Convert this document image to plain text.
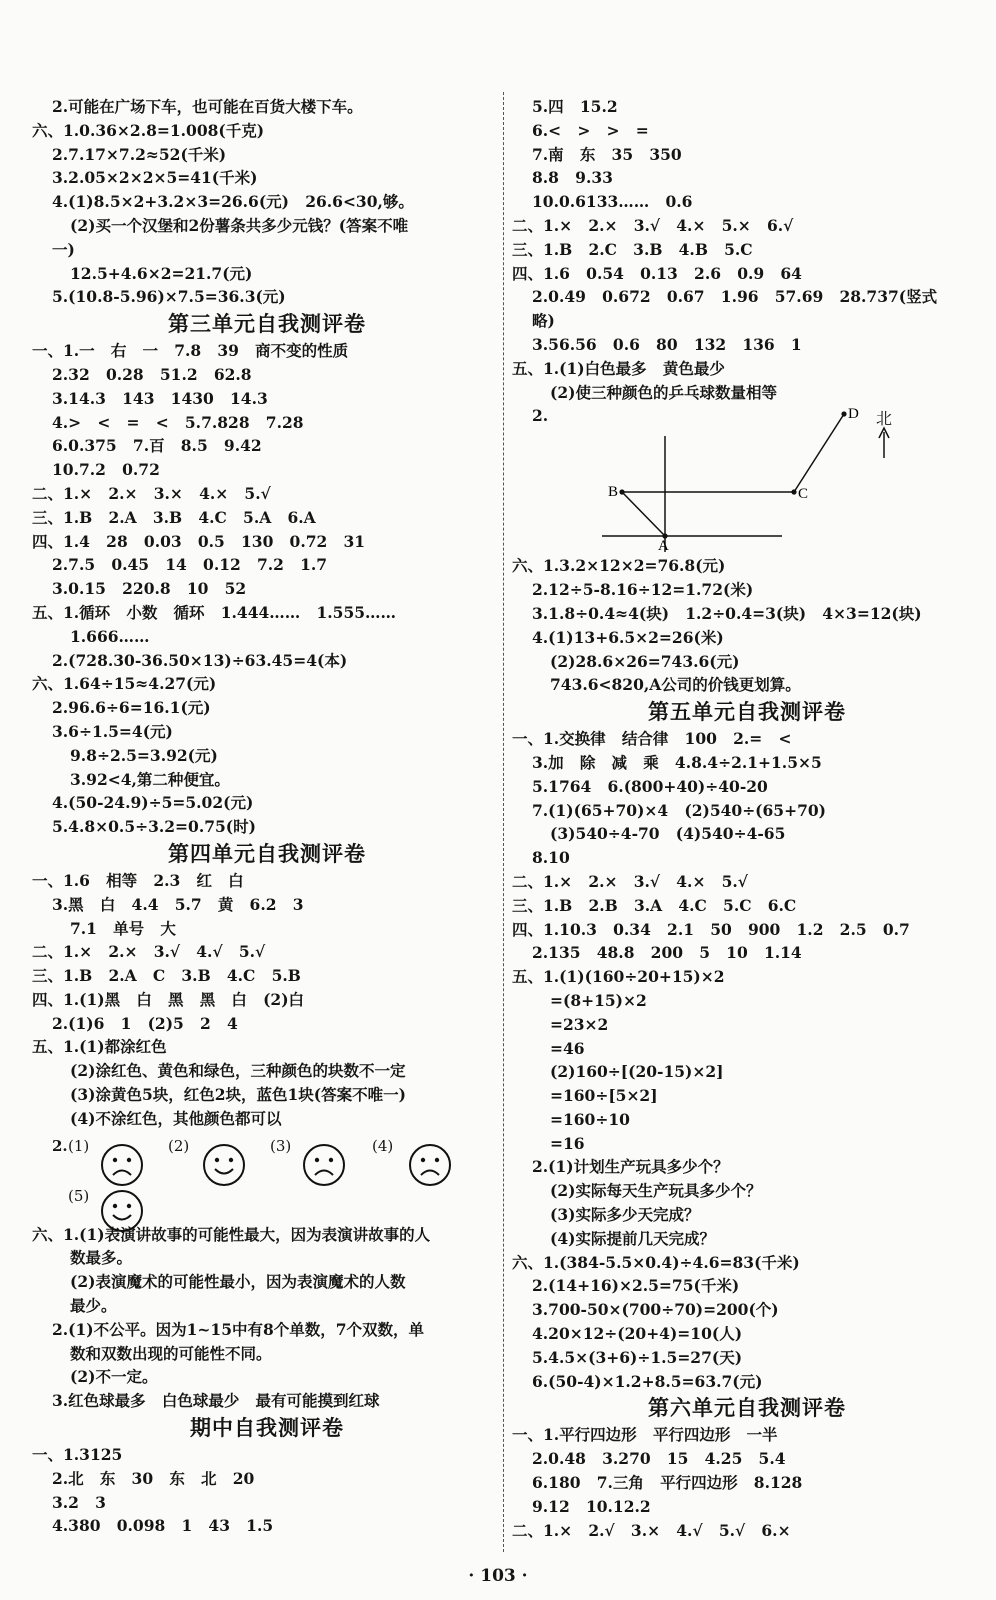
2.可能在广场下车，也可能在百货大楼下车。
六、1.0.36×2.8=1.008(千克)
2.7.17×7.2≈52(千米)
3.2.05×2×2×5=41(千米)
4.(1)8.5×2+3.2×3=26.6(元)   26.6<30,够。
(2)买一个汉堡和2份薯条共多少元钱？(答案不唯
一)
12.5+4.6×2=21.7(元)
5.(10.8-5.96)×7.5=36.3(元)
第三单元自我测评卷
一、1.一   右   一   7.8   39   商不变的性质
2.32   0.28   51.2   62.8
3.14.3   143   1430   14.3
4.>   <   =   <   5.7.828   7.28
6.0.375   7.百   8.5   9.42
10.7.2   0.72
二、1.×   2.×   3.×   4.×   5.√
三、1.B   2.A   3.B   4.C   5.A   6.A
四、1.4   28   0.03   0.5   130   0.72   31
2.7.5   0.45   14   0.12   7.2   1.7
3.0.15   220.8   10   52
五、1.循环   小数   循环   1.444……   1.555……
1.666……
2.(728.30-36.50×13)÷63.45=4(本)
六、1.64÷15≈4.27(元)
2.96.6÷6=16.1(元)
3.6÷1.5=4(元)
9.8÷2.5=3.92(元)
3.92<4,第二种便宜。
4.(50-24.9)÷5=5.02(元)
5.4.8×0.5÷3.2=0.75(时)
第四单元自我测评卷
一、1.6   相等   2.3   红   白
3.黑   白   4.4   5.7   黄   6.2   3
7.1   单号   大
二、1.×   2.×   3.√   4.√   5.√
三、1.B   2.A   C   3.B   4.C   5.B
四、1.(1)黑   白   黑   黑   白   (2)白
2.(1)6   1   (2)5   2   4
五、1.(1)都涂红色
(2)涂红色、黄色和绿色，三种颜色的块数不一定
(3)涂黄色5块，红色2块，蓝色1块(答案不唯一)
(4)不涂红色，其他颜色都可以
2. (1)	(2)	(3)	(4)
(5)
六、1.(1)表演讲故事的可能性最大，因为表演讲故事的人
数最多。
(2)表演魔术的可能性最小，因为表演魔术的人数
最少。
2.(1)不公平。因为1~15中有8个单数，7个双数，单
数和双数出现的可能性不同。
(2)不一定。
3.红色球最多   白色球最少   最有可能摸到红球
期中自我测评卷
一、1.3125
2.北   东   30   东   北   20
3.2   3
4.380   0.098   1   43   1.5
5.四   15.2
6.<   >   >   =
7.南   东   35   350
8.8   9.33
10.0.6133……   0.6
二、1.×   2.×   3.√   4.×   5.×   6.√
三、1.B   2.C   3.B   4.B   5.C
四、1.6   0.54   0.13   2.6   0.9   64
2.0.49   0.672   0.67   1.96   57.69   28.737(竖式
略)
3.56.56   0.6   80   132   136   1
五、1.(1)白色最多   黄色最少
(2)使三种颜色的乒乓球数量相等
2.
A
B	C
D 北
六、1.3.2×12×2=76.8(元)
2.12÷5-8.16÷12=1.72(米)
3.1.8÷0.4≈4(块)   1.2÷0.4=3(块)   4×3=12(块)
4.(1)13+6.5×2=26(米)
(2)28.6×26=743.6(元)
743.6<820,A公司的价钱更划算。
第五单元自我测评卷
一、1.交换律   结合律   100   2.=   <
3.加   除   减   乘   4.8.4÷2.1+1.5×5
5.1764   6.(800+40)÷40-20
7.(1)(65+70)×4   (2)540÷(65+70)
(3)540÷4-70   (4)540÷4-65
8.10
二、1.×   2.×   3.√   4.×   5.√
三、1.B   2.B   3.A   4.C   5.C   6.C
四、1.10.3   0.34   2.1   50   900   1.2   2.5   0.7
2.135   48.8   200   5   10   1.14
五、1.(1)(160÷20+15)×2
=(8+15)×2
=23×2
=46
(2)160÷[(20-15)×2]
=160÷[5×2]
=160÷10
=16
2.(1)计划生产玩具多少个？
(2)实际每天生产玩具多少个？
(3)实际多少天完成？
(4)实际提前几天完成？
六、1.(384-5.5×0.4)÷4.6=83(千米)
2.(14+16)×2.5=75(千米)
3.700-50×(700÷70)=200(个)
4.20×12÷(20+4)=10(人)
5.4.5×(3+6)÷1.5=27(天)
6.(50-4)×1.2+8.5=63.7(元)
第六单元自我测评卷
一、1.平行四边形   平行四边形   一半
2.0.48   3.270   15   4.25   5.4
6.180   7.三角   平行四边形   8.128
9.12   10.12.2
二、1.×   2.√   3.×   4.√   5.√   6.×
· 103 ·
